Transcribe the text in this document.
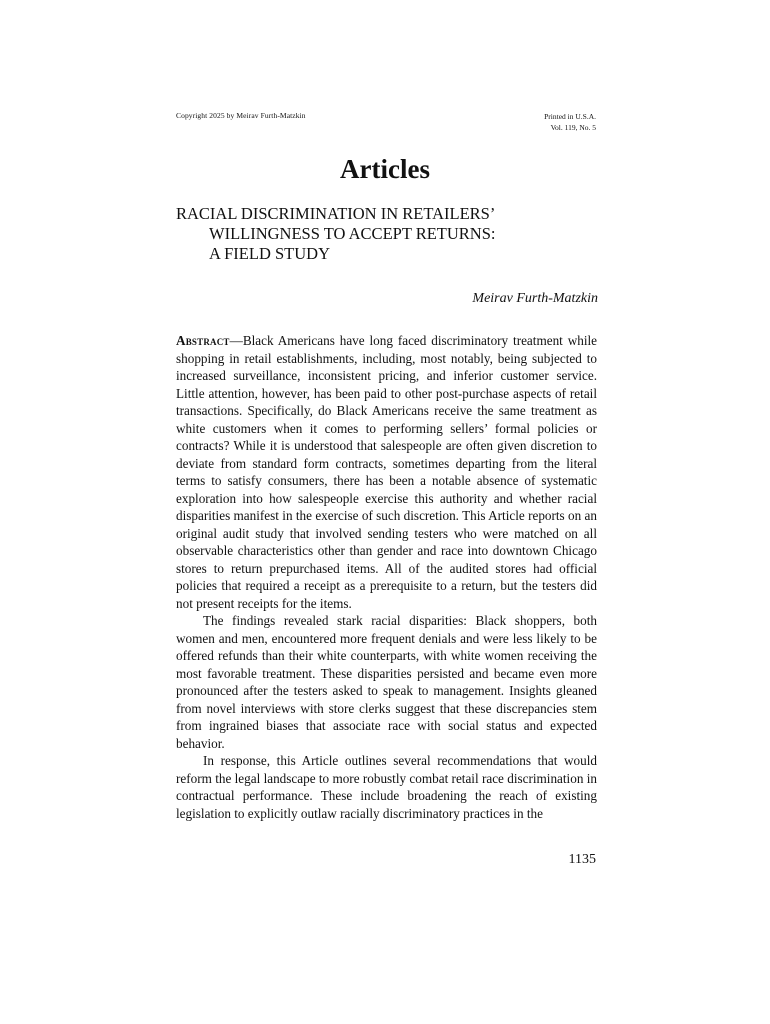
Copyright 2025 by Meirav Furth-Matzkin	Printed in U.S.A.
Vol. 119, No. 5
Articles
RACIAL DISCRIMINATION IN RETAILERS’
WILLINGNESS TO ACCEPT RETURNS:
A FIELD STUDY
Meirav Furth-Matzkin

Abstract—Black Americans have long faced discriminatory treatment while shopping in retail establishments, including, most notably, being subjected to increased surveillance, inconsistent pricing, and inferior customer service. Little attention, however, has been paid to other post-purchase aspects of retail transactions. Specifically, do Black Americans receive the same treatment as white customers when it comes to performing sellers’ formal policies or contracts? While it is understood that salespeople are often given discretion to deviate from standard form contracts, sometimes departing from the literal terms to satisfy consumers, there has been a notable absence of systematic exploration into how salespeople exercise this authority and whether racial disparities manifest in the exercise of such discretion. This Article reports on an original audit study that involved sending testers who were matched on all observable characteristics other than gender and race into downtown Chicago stores to return prepurchased items. All of the audited stores had official policies that required a receipt as a prerequisite to a return, but the testers did not present receipts for the items.

The findings revealed stark racial disparities: Black shoppers, both women and men, encountered more frequent denials and were less likely to be offered refunds than their white counterparts, with white women receiving the most favorable treatment. These disparities persisted and became even more pronounced after the testers asked to speak to management. Insights gleaned from novel interviews with store clerks suggest that these discrepancies stem from ingrained biases that associate race with social status and expected behavior.

In response, this Article outlines several recommendations that would reform the legal landscape to more robustly combat retail race discrimination in contractual performance. These include broadening the reach of existing legislation to explicitly outlaw racially discriminatory practices in the

1135
